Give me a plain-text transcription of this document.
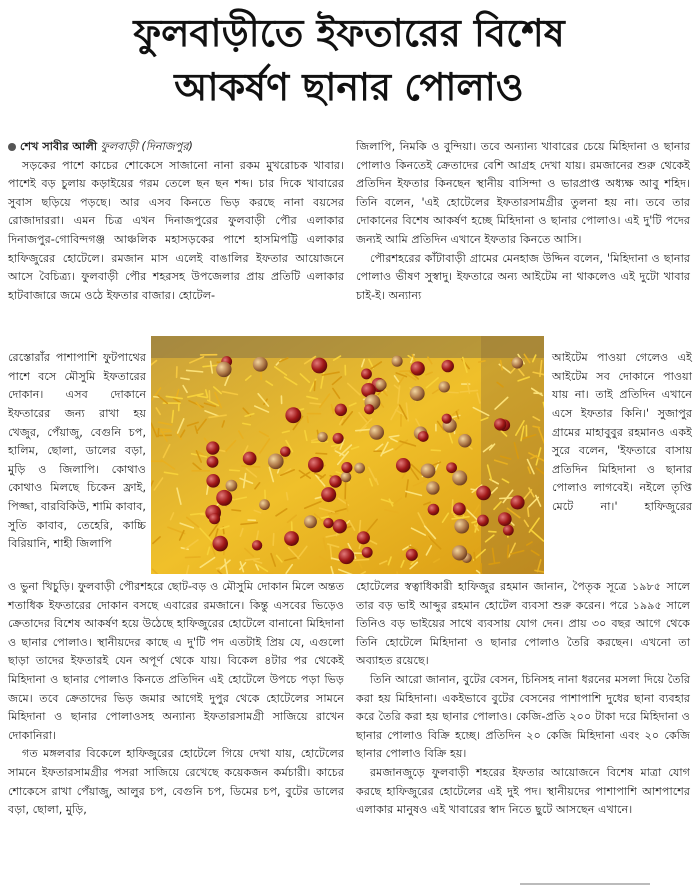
ফুলবাড়ীতে ইফতারের বিশেষ
আকর্ষণ ছানার পোলাও
শেখ সাবীর আলী ফুলবাড়ী (দিনাজপুর)

সড়কের পাশে কাচের শোকেসে সাজানো নানা রকম মুখরোচক খাবার। পাশেই বড় চুলায় কড়াইয়ের গরম তেলে ছন ছন শব্দ। চার দিকে খাবারের সুবাস ছড়িয়ে পড়ছে। আর এসব কিনতে ভিড় করছে নানা বয়সের রোজাদাররা। এমন চিত্র এখন দিনাজপুরের ফুলবাড়ী পৌর এলাকার দিনাজপুর-গোবিন্দগঞ্জ আঞ্চলিক মহাসড়কের পাশে হাসমিপট্টি এলাকার হাফিজুরের হোটেলে। রমজান মাস এলেই বাঙালির ইফতার আয়োজনে আসে বৈচিত্র্য। ফুলবাড়ী পৌর শহরসহ উপজেলার প্রায় প্রতিটি এলাকার হাটবাজারে জমে ওঠে ইফতার বাজার। হোটেল-

জিলাপি, নিমকি ও বুন্দিয়া। তবে অন্যান্য খাবারের চেয়ে মিহিদানা ও ছানার পোলাও কিনতেই ক্রেতাদের বেশি আগ্রহ দেখা যায়। রমজানের শুরু থেকেই প্রতিদিন ইফতার কিনছেন স্থানীয় বাসিন্দা ও ভারপ্রাপ্ত অধ্যক্ষ আবু শহিদ। তিনি বলেন, 'এই হোটেলের ইফতারসামগ্রীর তুলনা হয় না। তবে তার দোকানের বিশেষ আকর্ষণ হচ্ছে মিহিদানা ও ছানার পোলাও। এই দু'টি পদের জন্যই আমি প্রতিদিন এখানে ইফতার কিনতে আসি।

পৌরশহরের কাঁটাবাড়ী গ্রামের মেনহাজ উদ্দিন বলেন, 'মিহিদানা ও ছানার পোলাও ভীষণ সুস্বাদু। ইফতারে অন্য আইটেম না থাকলেও এই দুটো খাবার চাই-ই। অন্যান্য

রেস্তোরাঁর পাশাপাশি ফুটপাথের পাশে বসে মৌসুমি ইফতারের দোকান। এসব দোকানে ইফতারের জন্য রাখা হয় খেজুর, পেঁয়াজু, বেগুনি চপ, হালিম, ছোলা, ডালের বড়া, মুড়ি ও জিলাপি। কোথাও কোথাও মিলছে চিকেন ফ্রাই, পিজ্জা, বারবিকিউ, শামি কাবাব, সুতি কাবাব, তেহেরি, কাচ্চি বিরিয়ানি, শাহী জিলাপি

আইটেম পাওয়া গেলেও এই আইটেম সব দোকানে পাওয়া যায় না। তাই প্রতিদিন এখানে এসে ইফতার কিনি।' সুজাপুর গ্রামের মাহাবুবুর রহমানও একই সুরে বলেন, 'ইফতারে বাসায় প্রতিদিন মিহিদানা ও ছানার পোলাও লাগবেই। নইলে তৃপ্তি মেটে না।' হাফিজুরের

ও ভুনা খিচুড়ি। ফুলবাড়ী পৌরশহরে ছোট-বড় ও মৌসুমি দোকান মিলে অন্তত শতাধিক ইফতারের দোকান বসছে এবারের রমজানে। কিন্তু এসবের ভিড়েও ক্রেতাদের বিশেষ আকর্ষণ হয়ে উঠেছে হাফিজুরের হোটেলে বানানো মিহিদানা ও ছানার পোলাও। স্থানীয়দের কাছে এ দু'টি পদ এতটাই প্রিয় যে, এগুলো ছাড়া তাদের ইফতারই যেন অপূর্ণ থেকে যায়। বিকেল ৪টার পর থেকেই মিহিদানা ও ছানার পোলাও কিনতে প্রতিদিন এই হোটেলে উপচে পড়া ভিড় জমে। তবে ক্রেতাদের ভিড় জমার আগেই দুপুর থেকে হোটেলের সামনে মিহিদানা ও ছানার পোলাওসহ অন্যান্য ইফতারসামগ্রী সাজিয়ে রাখেন দোকানিরা।

গত মঙ্গলবার বিকেলে হাফিজুরের হোটেলে গিয়ে দেখা যায়, হোটেলের সামনে ইফতারসামগ্রীর পসরা সাজিয়ে রেখেছে কয়েকজন কর্মচারী। কাচের শোকেসে রাখা পেঁয়াজু, আলুর চপ, বেগুনি চপ, ডিমের চপ, বুটের ডালের বড়া, ছোলা, মুড়ি,

হোটেলের স্বত্বাধিকারী হাফিজুর রহমান জানান, পৈতৃক সূত্রে ১৯৮৫ সালে তার বড় ভাই আব্দুর রহমান হোটেল ব্যবসা শুরু করেন। পরে ১৯৯৫ সালে তিনিও বড় ভাইয়ের সাথে ব্যবসায় যোগ দেন। প্রায় ৩০ বছর আগে থেকে তিনি হোটেলে মিহিদানা ও ছানার পোলাও তৈরি করছেন। এখনো তা অব্যাহত রয়েছে।

তিনি আরো জানান, বুটের বেসন, চিনিসহ নানা ধরনের মসলা দিয়ে তৈরি করা হয় মিহিদানা। একইভাবে বুটের বেসনের পাশাপাশি দুধের ছানা ব্যবহার করে তৈরি করা হয় ছানার পোলাও। কেজি-প্রতি ২০০ টাকা দরে মিহিদানা ও ছানার পোলাও বিক্রি হচ্ছে। প্রতিদিন ২০ কেজি মিহিদানা এবং ২০ কেজি ছানার পোলাও বিক্রি হয়।

রমজানজুড়ে ফুলবাড়ী শহরের ইফতার আয়োজনে বিশেষ মাত্রা যোগ করছে হাফিজুরের হোটেলের এই দুই পদ। স্থানীয়দের পাশাপাশি আশপাশের এলাকার মানুষও এই খাবারের স্বাদ নিতে ছুটে আসছেন এখানে।
